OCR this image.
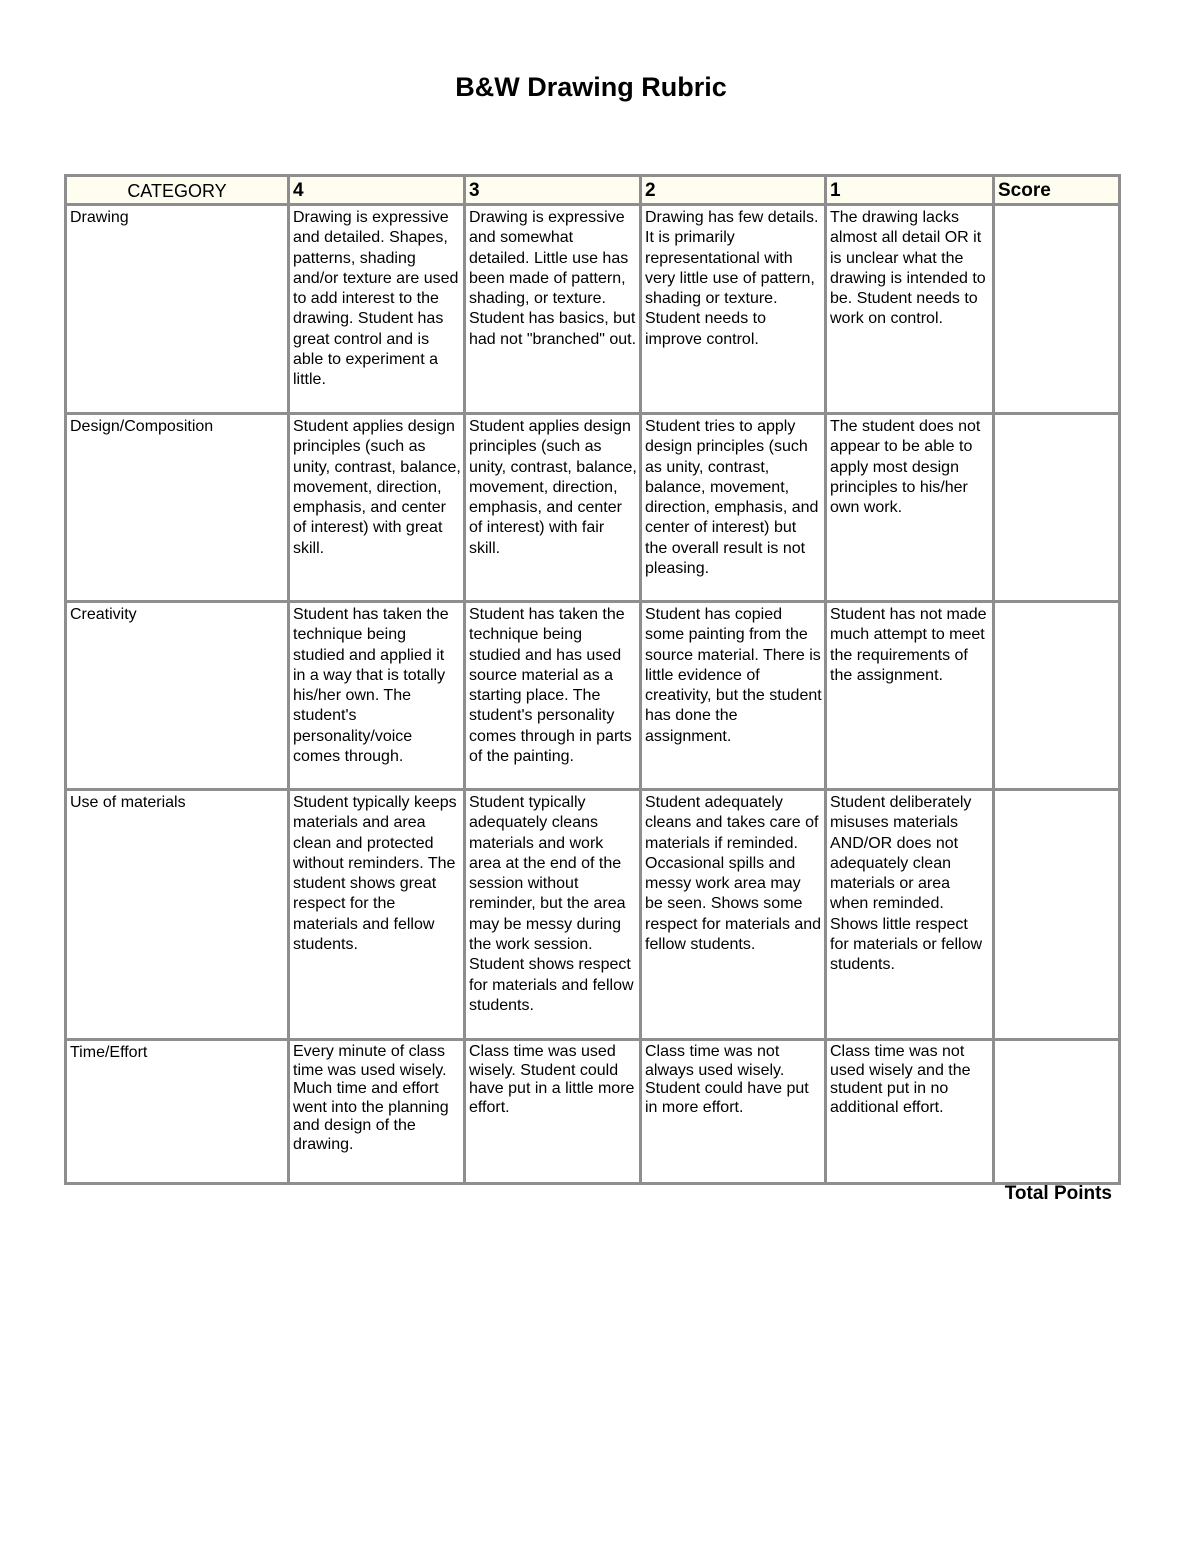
B&W Drawing Rubric
CATEGORY	4	3	2	1	Score
Drawing	Drawing is expressive and detailed. Shapes, patterns, shading and/or texture are used to add interest to the drawing. Student has great control and is able to experiment a little.	Drawing is expressive and somewhat detailed. Little use has been made of pattern, shading, or texture. Student has basics, but had not "branched" out.	Drawing has few details. It is primarily representational with very little use of pattern, shading or texture. Student needs to improve control.	The drawing lacks almost all detail OR it is unclear what the drawing is intended to be. Student needs to work on control.	
Design/Composition	Student applies design principles (such as unity, contrast, balance, movement, direction, emphasis, and center of interest) with great skill.	Student applies design principles (such as unity, contrast, balance, movement, direction, emphasis, and center of interest) with fair skill.	Student tries to apply design principles (such as unity, contrast, balance, movement, direction, emphasis, and center of interest) but the overall result is not pleasing.	The student does not appear to be able to apply most design principles to his/her own work.	
Creativity	Student has taken the technique being studied and applied it in a way that is totally his/her own. The student's personality/voice comes through.	Student has taken the technique being studied and has used source material as a starting place. The student's personality comes through in parts of the painting.	Student has copied some painting from the source material. There is little evidence of creativity, but the student has done the assignment.	Student has not made much attempt to meet the requirements of the assignment.	
Use of materials	Student typically keeps materials and area clean and protected without reminders. The student shows great respect for the materials and fellow students.	Student typically adequately cleans materials and work area at the end of the session without reminder, but the area may be messy during the work session. Student shows respect for materials and fellow students.	Student adequately cleans and takes care of materials if reminded. Occasional spills and messy work area may be seen. Shows some respect for materials and fellow students.	Student deliberately misuses materials AND/OR does not adequately clean materials or area when reminded. Shows little respect for materials or fellow students.	
Time/Effort	Every minute of class time was used wisely. Much time and effort went into the planning and design of the drawing.	Class time was used wisely. Student could have put in a little more effort.	Class time was not always used wisely. Student could have put in more effort.	Class time was not used wisely and the student put in no additional effort.	
Total Points
